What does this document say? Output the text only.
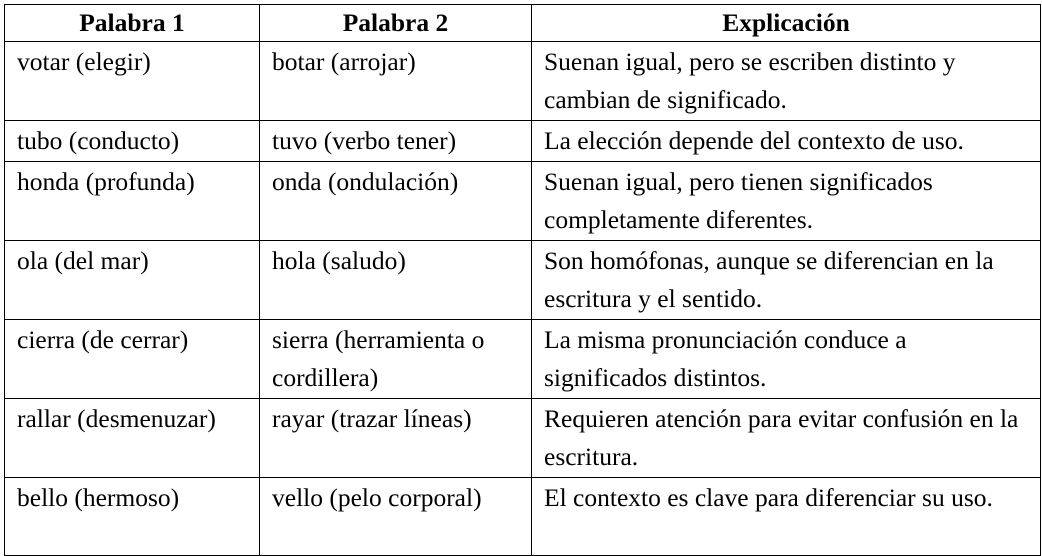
Palabra 1	Palabra 2	Explicación
votar (elegir)	botar (arrojar)	Suenan igual, pero se escriben distinto y cambian de significado.
tubo (conducto)	tuvo (verbo tener)	La elección depende del contexto de uso.
honda (profunda)	onda (ondulación)	Suenan igual, pero tienen significados completamente diferentes.
ola (del mar)	hola (saludo)	Son homófonas, aunque se diferencian en la escritura y el sentido.
cierra (de cerrar)	sierra (herramienta o cordillera)	La misma pronunciación conduce a significados distintos.
rallar (desmenuzar)	rayar (trazar líneas)	Requieren atención para evitar confusión en la escritura.
bello (hermoso)	vello (pelo corporal)	El contexto es clave para diferenciar su uso.
